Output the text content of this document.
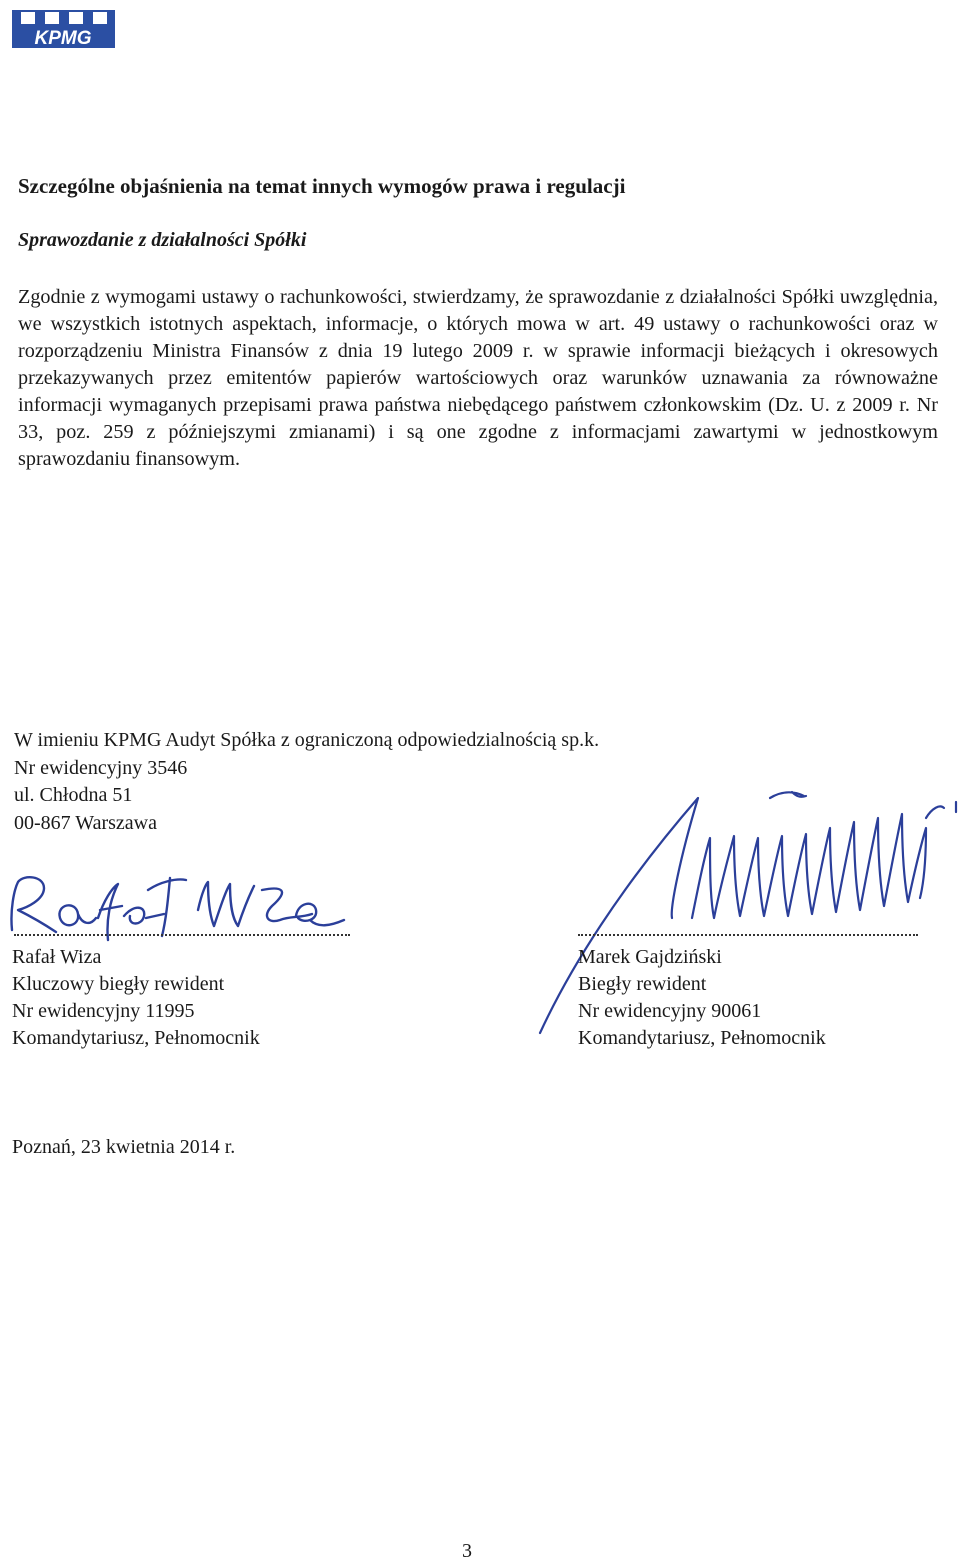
KPMG
Szczególne objaśnienia na temat innych wymogów prawa i regulacji
Sprawozdanie z działalności Spółki

Zgodnie z wymogami ustawy o rachunkowości, stwierdzamy, że sprawozdanie z działalności Spółki uwzględnia, we wszystkich istotnych aspektach, informacje, o których mowa w art. 49 ustawy o rachunkowości oraz w rozporządzeniu Ministra Finansów z dnia 19 lutego 2009 r. w sprawie informacji bieżących i okresowych przekazywanych przez emitentów papierów wartościowych oraz warunków uznawania za równoważne informacji wymaganych przepisami prawa państwa niebędącego państwem członkowskim (Dz. U. z 2009 r. Nr 33, poz. 259 z późniejszymi zmianami) i są one zgodne z informacjami zawartymi w jednostkowym sprawozdaniu finansowym.

W imieniu KPMG Audyt Spółka z ograniczoną odpowiedzialnością sp.k.
Nr ewidencyjny 3546
ul. Chłodna 51
00-867 Warszawa
Rafał Wiza
Kluczowy biegły rewident
Nr ewidencyjny 11995
Komandytariusz, Pełnomocnik
Marek Gajdziński
Biegły rewident
Nr ewidencyjny 90061
Komandytariusz, Pełnomocnik
Poznań, 23 kwietnia 2014 r.
3
